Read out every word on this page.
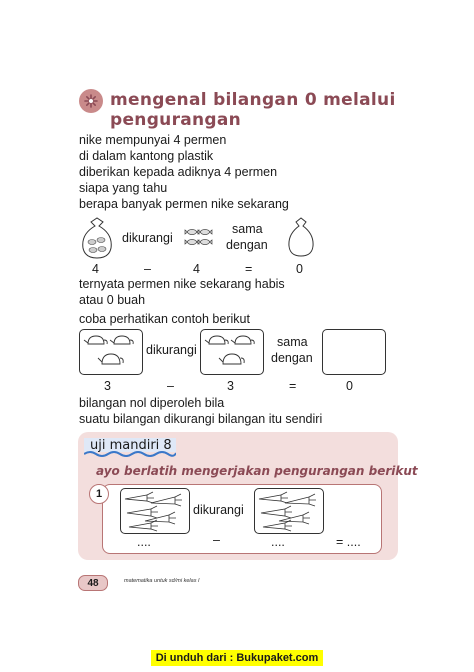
mengenal bilangan 0 melalui pengurangan
nike mempunyai 4 permen
di dalam kantong plastik
diberikan kepada adiknya 4 permen
siapa yang tahu
berapa banyak permen nike sekarang
dikurangi
sama
dengan
4	–	4	=	0
ternyata permen nike sekarang habis
atau 0 buah
coba perhatikan contoh berikut
dikurangi
sama
dengan
3	–	3	=	0
bilangan nol diperoleh bila
suatu bilangan dikurangi bilangan itu sendiri
uji mandiri 8
ayo berlatih mengerjakan pengurangan berikut
1
dikurangi
....	–	....	= ....
48	matematika untuk sd/mi kelas I
Di unduh dari : Bukupaket.com
